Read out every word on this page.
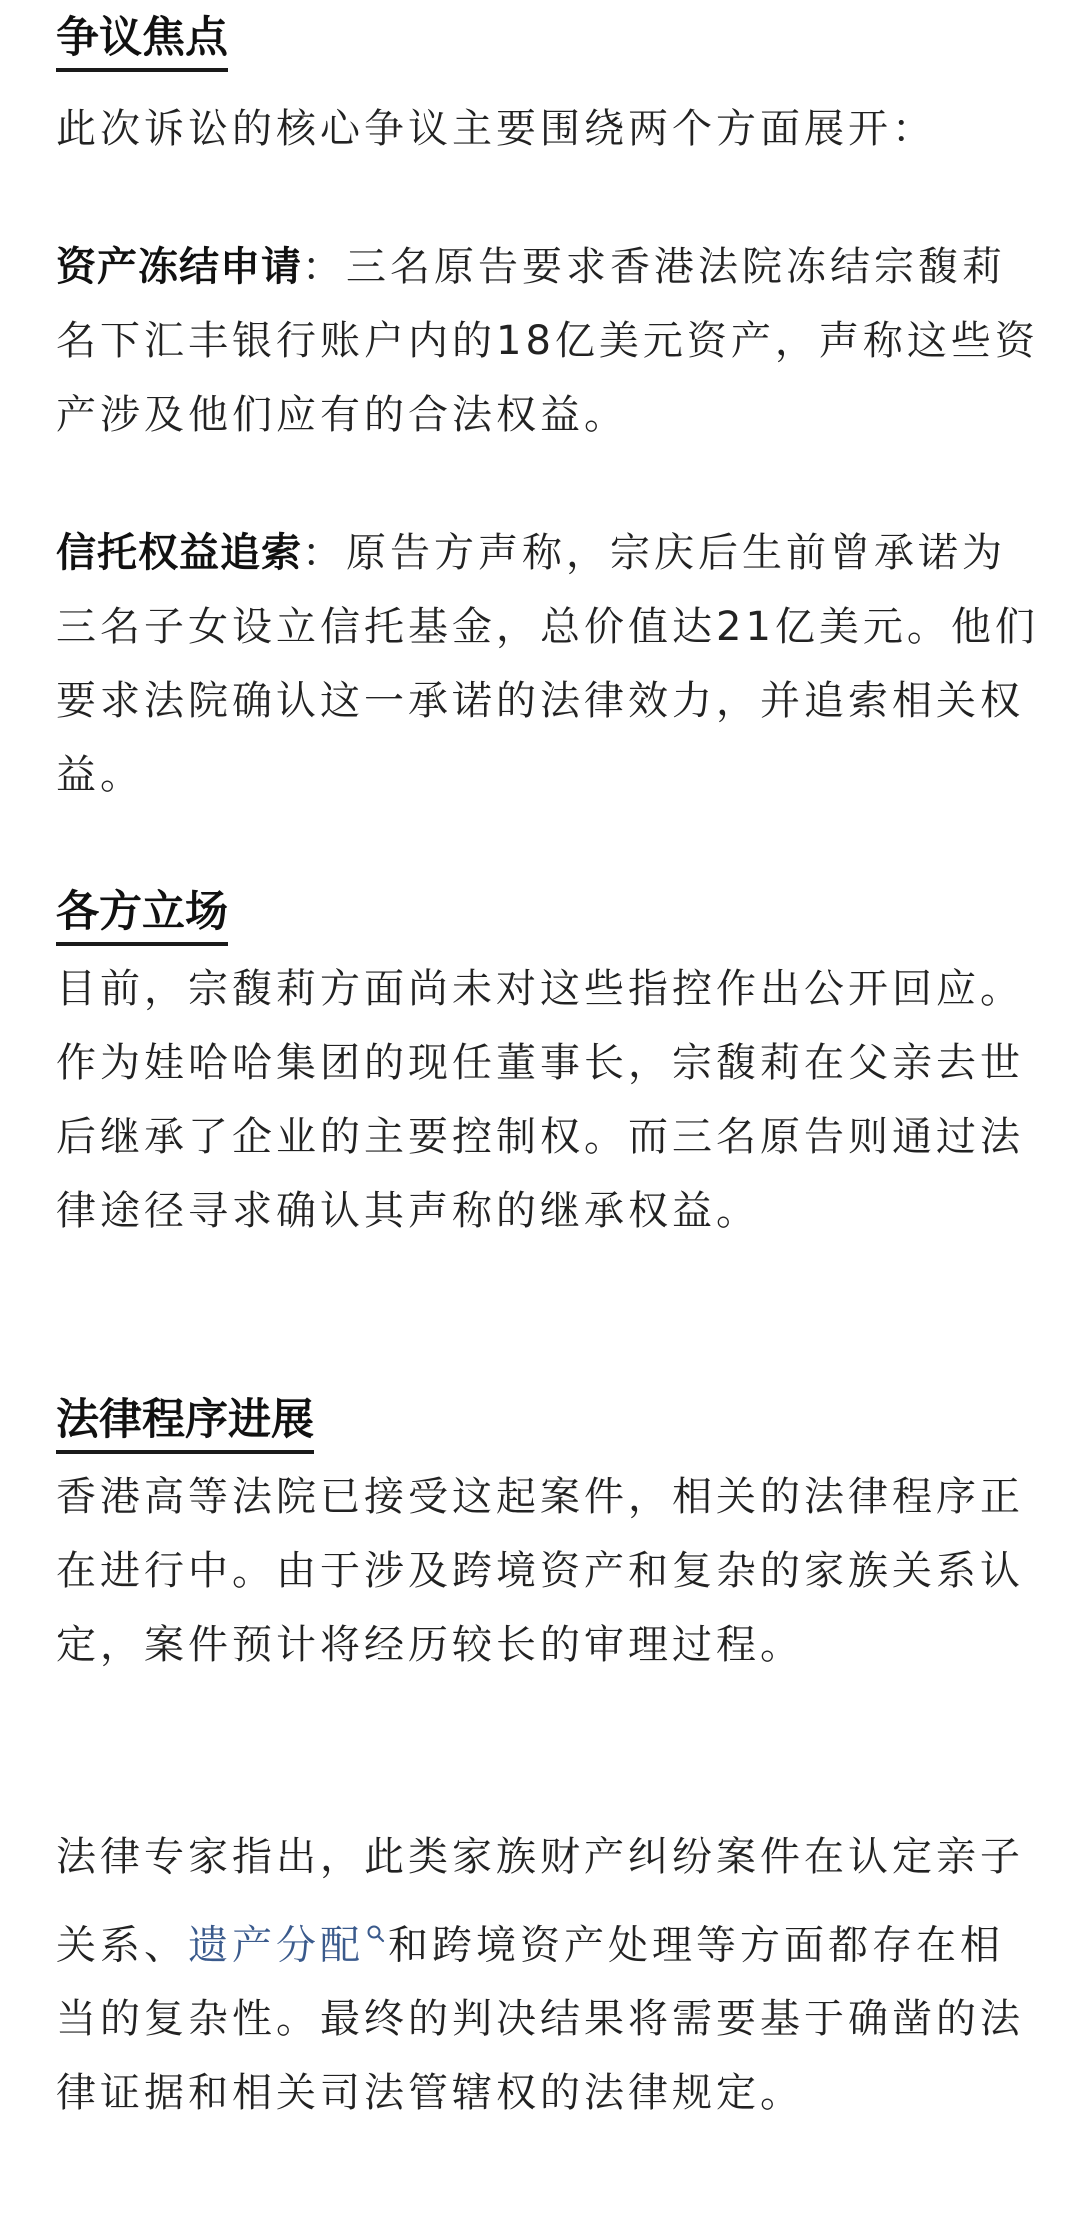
争议焦点

此次诉讼的核心争议主要围绕两个方面展开：

资产冻结申请：三名原告要求香港法院冻结宗馥莉名下汇丰银行账户内的18亿美元资产，声称这些资产涉及他们应有的合法权益。

信托权益追索：原告方声称，宗庆后生前曾承诺为三名子女设立信托基金，总价值达21亿美元。他们要求法院确认这一承诺的法律效力，并追索相关权益。

各方立场

目前，宗馥莉方面尚未对这些指控作出公开回应。作为娃哈哈集团的现任董事长，宗馥莉在父亲去世后继承了企业的主要控制权。而三名原告则通过法律途径寻求确认其声称的继承权益。

法律程序进展

香港高等法院已接受这起案件，相关的法律程序正在进行中。由于涉及跨境资产和复杂的家族关系认定，案件预计将经历较长的审理过程。

法律专家指出，此类家族财产纠纷案件在认定亲子关系、遗产分配 和跨境资产处理等方面都存在相当的复杂性。最终的判决结果将需要基于确凿的法律证据和相关司法管辖权的法律规定。
